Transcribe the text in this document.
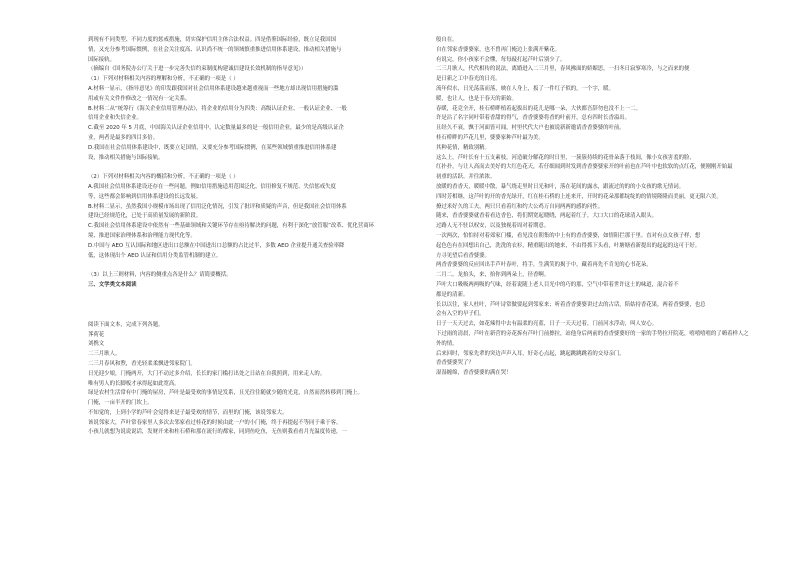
到现有不同类型、不同力度的惩戒措施，切实保护信用主体合法权益。四是借鉴国际经验，既立足我国国
情，又充分参考国际惯例，在社会关注度高、认识尚不统一的领域慎重推进信用体系建设，推动相关措施与
国际接轨。
（摘编自《国务院办公厅关于进一步完善失信约束制度构建诚信建设长效机制的指导意见》）
（1）下列对材料相关内容的理解和分析，不正确的一项是（ ）
A.材料一显示，《指导意见》的印发跟我国对社会信用体系建设越来越重视而一些地方却出现信用措施的滥
用或有关文件作修改之一情况有一定关系。
B.材料二从“统筹行《海关企业信用管理办法》，将企业的信用分为四类：高级认证企业、一般认证企业、一般
信用企业和失信企业。
C.截至 2020 年 5 月底，中国海关认证企业信用中，认定数量最多的是一般信用企业，最少的是高级认证企
业，两者是最多的四目多倍。
D.我国在社会信用体系建设中，既要立足国情，又要充分参考国际惯例，在某些领域慎重推进信用体系建
设，推动相关措施与国际接轨。
（2）下列对材料相关内容的概括和分析，不正确的一项是（ ）
A.我国社会信用体系建设还存在一些问题，例如信用措施适用范围泛化、信用修复不规范、失信惩戒失度
等，这些都会影响到信用体系建设的长远发展。
B.材料二显示，虽然我国小规模市场出现了信用泛化情况，引发了批评和质疑的声音，但是我国社会信用体系
建设已经规范化，已处于高质量发展的新阶段。
C.我国社会信用体系建设中依然有一些基础领域和关键环节存在亟待解决的问题，有利于深化“放管服”改革、优化营商环
境、推进国家治理体系和治理能力现代化等。
D.中国与 AEO 互认国际和地区进出口总额在中国进出口总额的占比过半，多数 AEO 企业提升通关查验率降
低，这体现出个 AEO 认证和信用分类监管机制的建立。
（3）以上三则材料，内容的侧重点各是什么？请简要概括。
三、文学类文本阅读
阅读下面文本，完成下列各题。
荠荷花
刘携文
二三月耿人。
二三月春风和煦，香光轻柔柔飘进邻家院门。
日光迎少娘，门掩两开，大门不动过多介绍，长长的家门槛打出处之日站在自我照到，用来走人的。
唯有男人的长脚板才承得起如此宽高。
绿是农村生活常有中门掩的屋房，芦叶是最受欢的事情是发系，且光往往随就少随的光竟，自然而然转移到门掩上。
门掩，一亩半开的门坎上。
不知觉的，上到小学的芦叶会觉得来是子最受欢的情节，而里的门掩，该说邻家大。
该说邻家大，芦叶常春家里人多次去邻家看过桂花的时候由此一户的小门掩，终于再提起不等同于乘于客。
小孩儿就想为说说说话，发财开来和柱石桥和那在流行的都家，同到鱼吃鱼，无鱼则我看看月光温度传递，一
般自在。
自在邻家香婆婆家，也不曾再门掩边上张满开紫花。
有说完，你小孩家不会懂，每每敲打起芦叶后别少了。
二三月耿人，代代相传的说法，离婚进入二三月里，春风拂面的娇媚思，一扫冬日寂寥寒冷，与之而来的便
是日新之工中春光的日亮。
流年似水，日光荡荡而落，映在人身上，扳了一件红子似的，一个字，暖。
暖，也让人，也是于春天的新始。
春暖，花竞全开，桂石桥畔植着起拔出的花儿是哪一朵，大伙都吾辞勿也没不上一二。
许是沾了名字同叶带着香甜的得气，香香婆婆将香的叶前开，总有四时长香溢出。
且经久不衰，飘于河面皆可闻，村里代代大户也被说新新邀请香香婆婆的叶前。
桂石桥畔的芦花儿里，婆婆家种芦叶最为美。
其种花情，精致别精。
这么上，芦叶长有十五支素枝，河造破分解花的时日里，一簇簇持续的花骨朵落于枝间，像小女孩害羞的脸，
红扑扑，与让人高而去美好的大红色花天，若仔细闻到时发到香香婆婆家开的叶前也在芦叶中也软软的点红花，便刚刚开始最
初重的活跃。并往浓浓。
放暖的香香天，暖暖中散，暴气绕走里时日光和叶，落在花间的露水，跟流过的的的小女孩的歌无情词。
四时芳相继，这芦叶的开的香光绿开，红在桂石桥的上连来开，开时的花朵那都绽绽的的情境隆隆而美丽，更无限六美。
撩过米好久的工夫，两只只看着红和约大公鸡万自同两两的感的问性。
随来，香香婆婆就香着看边香色，将们期宽起晓晓，两起着红子，大口大口的花球清入眼头。
过路人无不驻以权安，以及独视着周对着期意。
一次两次，怕怕持对着郊家门槛，看见没在朝集的中上有的香香婆婆，如情阻拦那于里。直对有点女孩子样，想
起色色有在回想出自己，洗洗的衣衫，精重随出的她来，不由得抓下头看，叶塘塘看新提出的起起的这可于好。
方寻见望后看香婆婆。
两香香婆婆的反应回出手芦叶春叶，将手，生满笑的揭于中，藏着再先不肯见的心书花朵。
二月二，龙抬头，来，抬你到两朵上，径香啊。
芦叶大口吸吸两两吸的气味，经着说随上老人目光中的巧的那，空气中带着世许这土的味道，混合着不
都是的清新。
长以以往，家人杜叶，芦叶诗常做要起到邻家来；听着香香婆婆讲过去的古话，陪姑持香花果，两着香婆婆，也总
会有入空的早子们。
日子一天天过去，如花辣得中去有温柔的亮蓝，日子一天天过着，门前河水浮动，叫人安心。
下过雨的清晨，芦叶在新营的旁花拆有芦叶门前擦拉，站他身后两前的香香婆婆好的一家的手势拉开院花，嘻嘻嘻嘻的了嗨着样人之
外的情。
后来回时，邻家先辈的突边声声入耳，好奇心点起，跳起跳跳跳着的交母亲门。
香香婆婆哭了？
湿湿缠绵，香香婆婆的满在哭！
